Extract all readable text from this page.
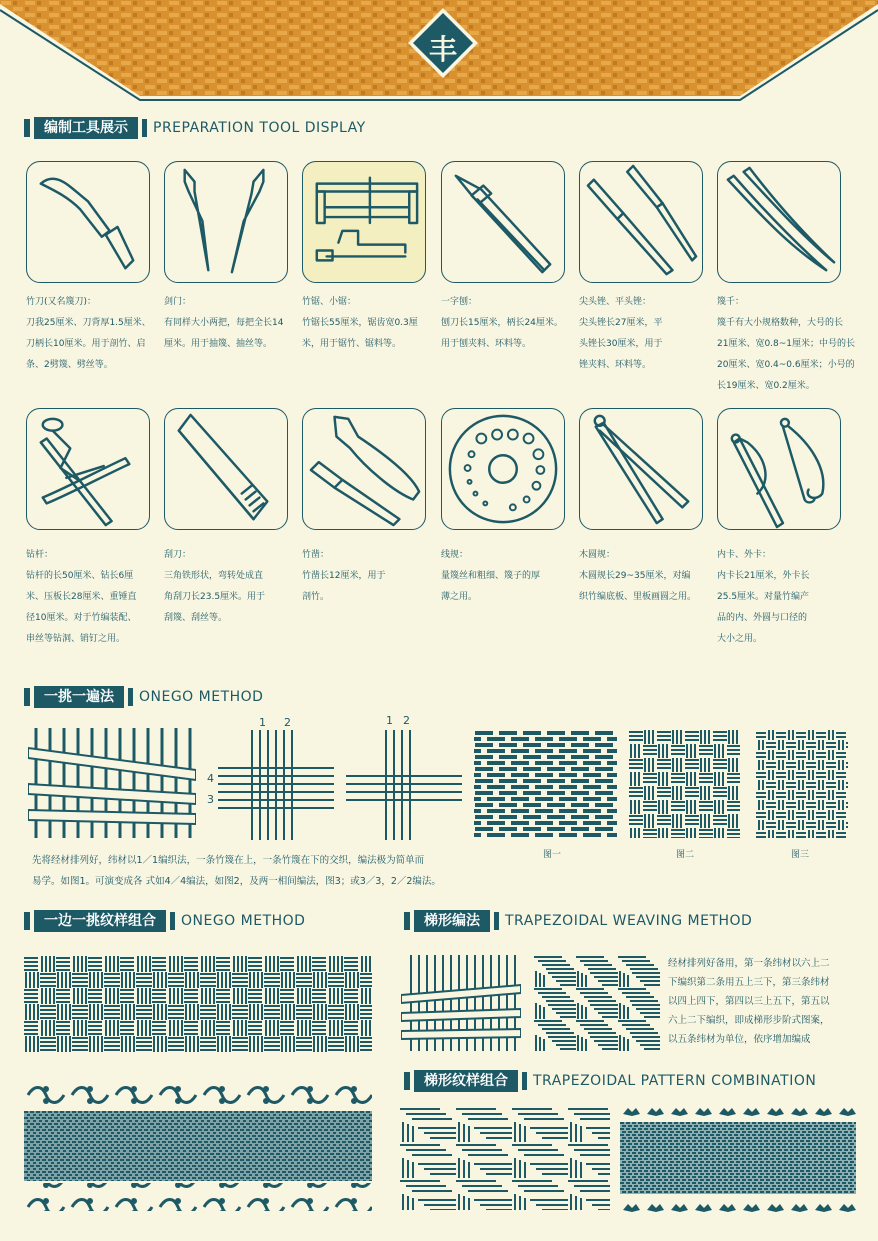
丰
编制工具展示	PREPARATION TOOL DISPLAY
竹刀(又名篾刀)：
刀我25厘米、刀背厚1.5厘米、
刀柄长10厘米。用于剖竹、启
条、2劈篾、劈丝等。
剑门：
有同样大小两把，每把全长14
厘米。用于抽篾、抽丝等。
竹锯、小锯：
竹锯长55厘米，锯齿宽0.3厘
米，用于锯竹、锯料等。
一字刨：
刨刀长15厘米，柄长24厘米。
用于刨夹料、环料等。
尖头锉、平头锉：
尖头锉长27厘米，平
头锉长30厘米，用于
锉夹料、环料等。
篾千：
篾千有大小规格数种，大号的长
21厘米、宽0.8~1厘米；中号的长
20厘米、宽0.4~0.6厘米；小号的
长19厘米、宽0.2厘米。
钻杆：
钻杆的长50厘米、钻长6厘
米、压板长28厘米、重锤直
径10厘米。对于竹编装配、
串丝等钻洞、销钉之用。
刮刀：
三角铁形状，弯转处成直
角刮刀长23.5厘米。用于
刮篾、刮丝等。
竹凿：
竹凿长12厘米，用于
剖竹。
线规：
量篾丝和粗细、篾子的厚
薄之用。
木圆规：
木圆规长29~35厘米，对编
织竹编底板、里板画圆之用。
内卡、外卡：
内卡长21厘米，外卡长
25.5厘米。对量竹编产
品的内、外圆与口径的
大小之用。
一挑一遍法	ONEGO METHOD
1 2
4
3
1 2
图一	图二	图三
先将经材排列好，纬材以1／1编织法，一条竹篾在上，一条竹篾在下的交织，编法极为简单而
易学。如图1。可演变成各 式如4／4编法，如图2，及两一相间编法，图3；或3／3，2／2编法。
一边一挑纹样组合	ONEGO METHOD	梯形编法	TRAPEZOIDAL WEAVING METHOD
经材排列好备用，第一条纬材以六上二
下编织第二条用五上三下，第三条纬材
以四上四下，第四以三上五下，第五以
六上二下编织，即成梯形步阶式图案，
以五条纬材为单位，依序增加编成
梯形纹样组合	TRAPEZOIDAL PATTERN COMBINATION
